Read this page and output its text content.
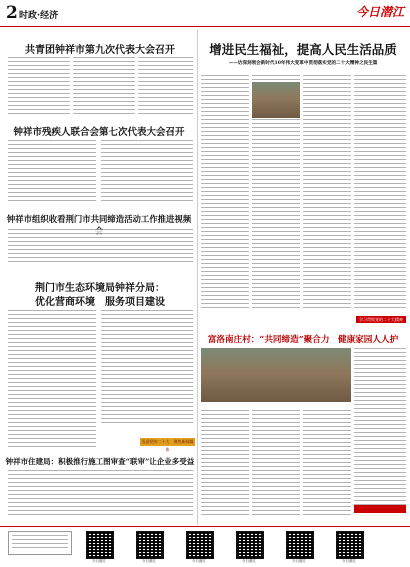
2 时政·经济	今日潜江
共青团钟祥市第九次代表大会召开
钟祥市残疾人联合会第七次代表大会召开
钟祥市组织收看荆门市共同缔造活动工作推进视频
荆门市生态环境局钟祥分局：
优化营商环境　服务项目建设
喜迎党的二十大　聚焦新闻媒体
钟祥市住建局：积极推行施工图审查“联审”让企业多受益
增进民生福祉，提高人民生活品质
——访深刻领会新时代10年伟大变革中贯彻落实党的二十大精神之民生篇
学习贯彻党的二十大精神
富洛南庄村：“共同缔造”聚合力　健康家园人人护
今日潜江	今日潜江	今日潜江	今日潜江	今日潜江	今日潜江
